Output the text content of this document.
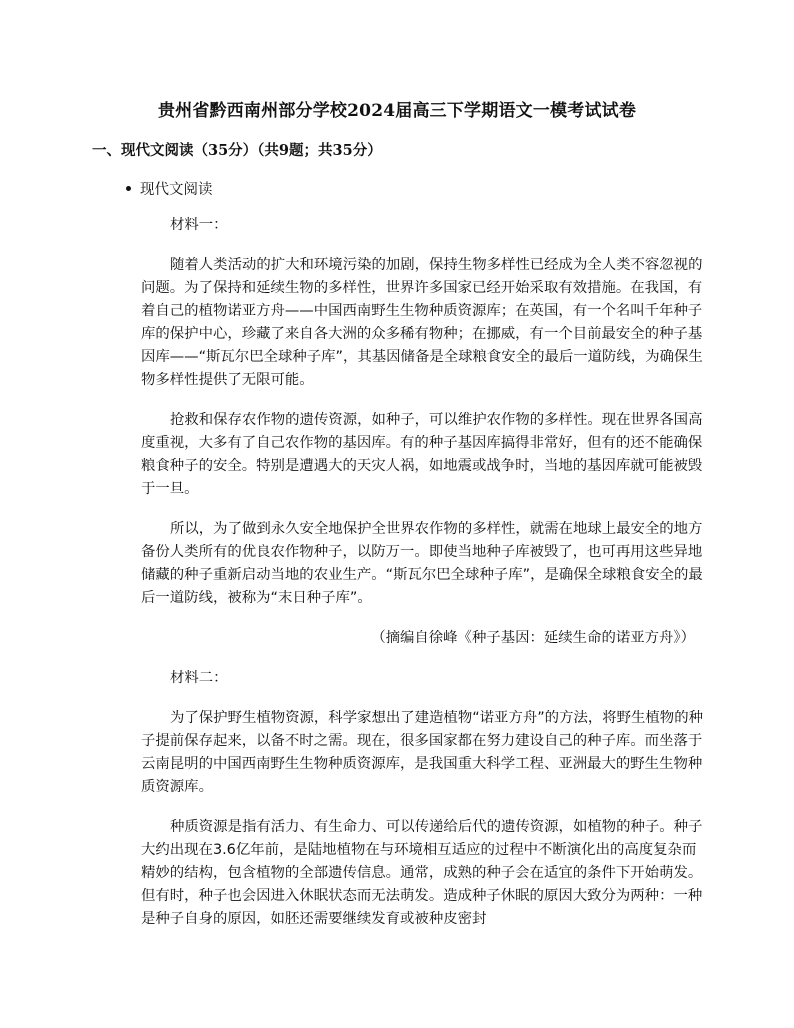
贵州省黔西南州部分学校2024届高三下学期语文一模考试试卷
一、现代文阅读（35分）（共9题；共35分）
现代文阅读

材料一：

随着人类活动的扩大和环境污染的加剧，保持生物多样性已经成为全人类不容忽视的问题。为了保持和延续生物的多样性，世界许多国家已经开始采取有效措施。在我国，有着自己的植物诺亚方舟——中国西南野生生物种质资源库；在英国，有一个名叫千年种子库的保护中心，珍藏了来自各大洲的众多稀有物种；在挪威，有一个目前最安全的种子基因库——“斯瓦尔巴全球种子库”，其基因储备是全球粮食安全的最后一道防线，为确保生物多样性提供了无限可能。

抢救和保存农作物的遗传资源，如种子，可以维护农作物的多样性。现在世界各国高度重视，大多有了自己农作物的基因库。有的种子基因库搞得非常好，但有的还不能确保粮食种子的安全。特别是遭遇大的天灾人祸，如地震或战争时，当地的基因库就可能被毁于一旦。

所以，为了做到永久安全地保护全世界农作物的多样性，就需在地球上最安全的地方备份人类所有的优良农作物种子，以防万一。即使当地种子库被毁了，也可再用这些异地储藏的种子重新启动当地的农业生产。“斯瓦尔巴全球种子库”，是确保全球粮食安全的最后一道防线，被称为“末日种子库”。

（摘编自徐峰《种子基因：延续生命的诺亚方舟》）

材料二：

为了保护野生植物资源，科学家想出了建造植物“诺亚方舟”的方法，将野生植物的种子提前保存起来，以备不时之需。现在，很多国家都在努力建设自己的种子库。而坐落于云南昆明的中国西南野生生物种质资源库，是我国重大科学工程、亚洲最大的野生生物种质资源库。

种质资源是指有活力、有生命力、可以传递给后代的遗传资源，如植物的种子。种子大约出现在3.6亿年前，是陆地植物在与环境相互适应的过程中不断演化出的高度复杂而精妙的结构，包含植物的全部遗传信息。通常，成熟的种子会在适宜的条件下开始萌发。但有时，种子也会因进入休眠状态而无法萌发。造成种子休眠的原因大致分为两种：一种是种子自身的原因，如胚还需要继续发育或被种皮密封
